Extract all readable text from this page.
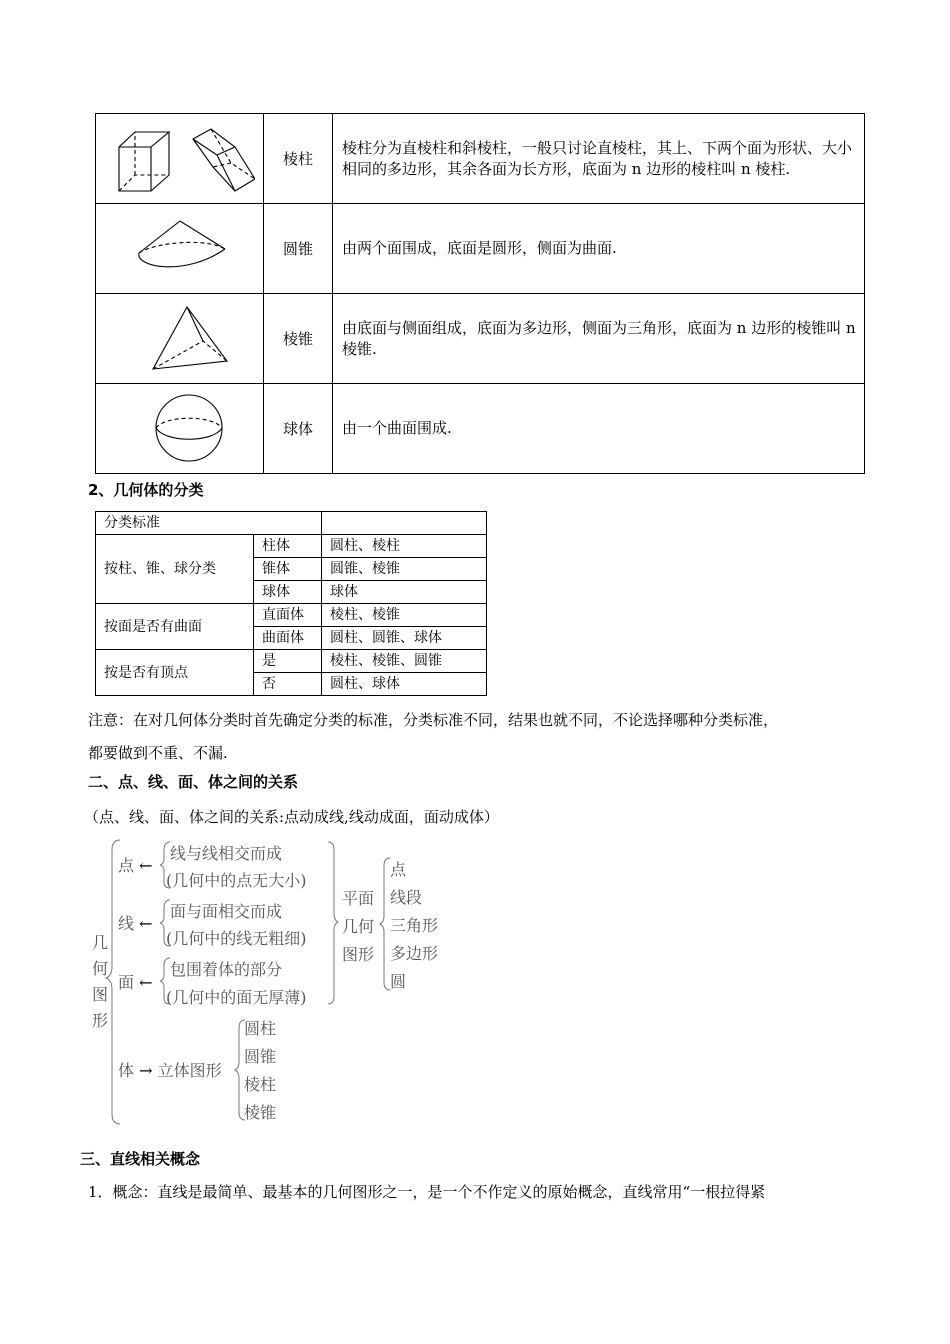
	棱柱	棱柱分为直棱柱和斜棱柱，一般只讨论直棱柱，其上、下两个面为形状、大小相同的多边形，其余各面为长方形，底面为 n 边形的棱柱叫 n 棱柱.
	圆锥	由两个面围成，底面是圆形，侧面为曲面.
	棱锥	由底面与侧面组成，底面为多边形，侧面为三角形，底面为 n 边形的棱锥叫 n 棱锥.
	球体	由一个曲面围成.
2、几何体的分类
分类标准		
按柱、锥、球分类	柱体	圆柱、棱柱
	锥体	圆锥、棱锥
	球体	球体
按面是否有曲面	直面体	棱柱、棱锥
	曲面体	圆柱、圆锥、球体
按是否有顶点	是	棱柱、棱锥、圆锥
	否	圆柱、球体
注意：在对几何体分类时首先确定分类的标准，分类标准不同，结果也就不同，不论选择哪种分类标准，
都要做到不重、不漏.
二、点、线、面、体之间的关系
（点、线、面、体之间的关系:点动成线,线动成面，面动成体）
几
何
图
形
点 ←
线与线相交而成
(几何中的点无大小)
线 ←
面与面相交而成
(几何中的线无粗细)
面 ←
包围着体的部分
(几何中的面无厚薄)
平面
几何
图形
点
线段
三角形
多边形
圆
体 → 立体图形
圆柱
圆锥
棱柱
棱锥
三、直线相关概念
1．概念：直线是最简单、最基本的几何图形之一，是一个不作定义的原始概念，直线常用“一根拉得紧
